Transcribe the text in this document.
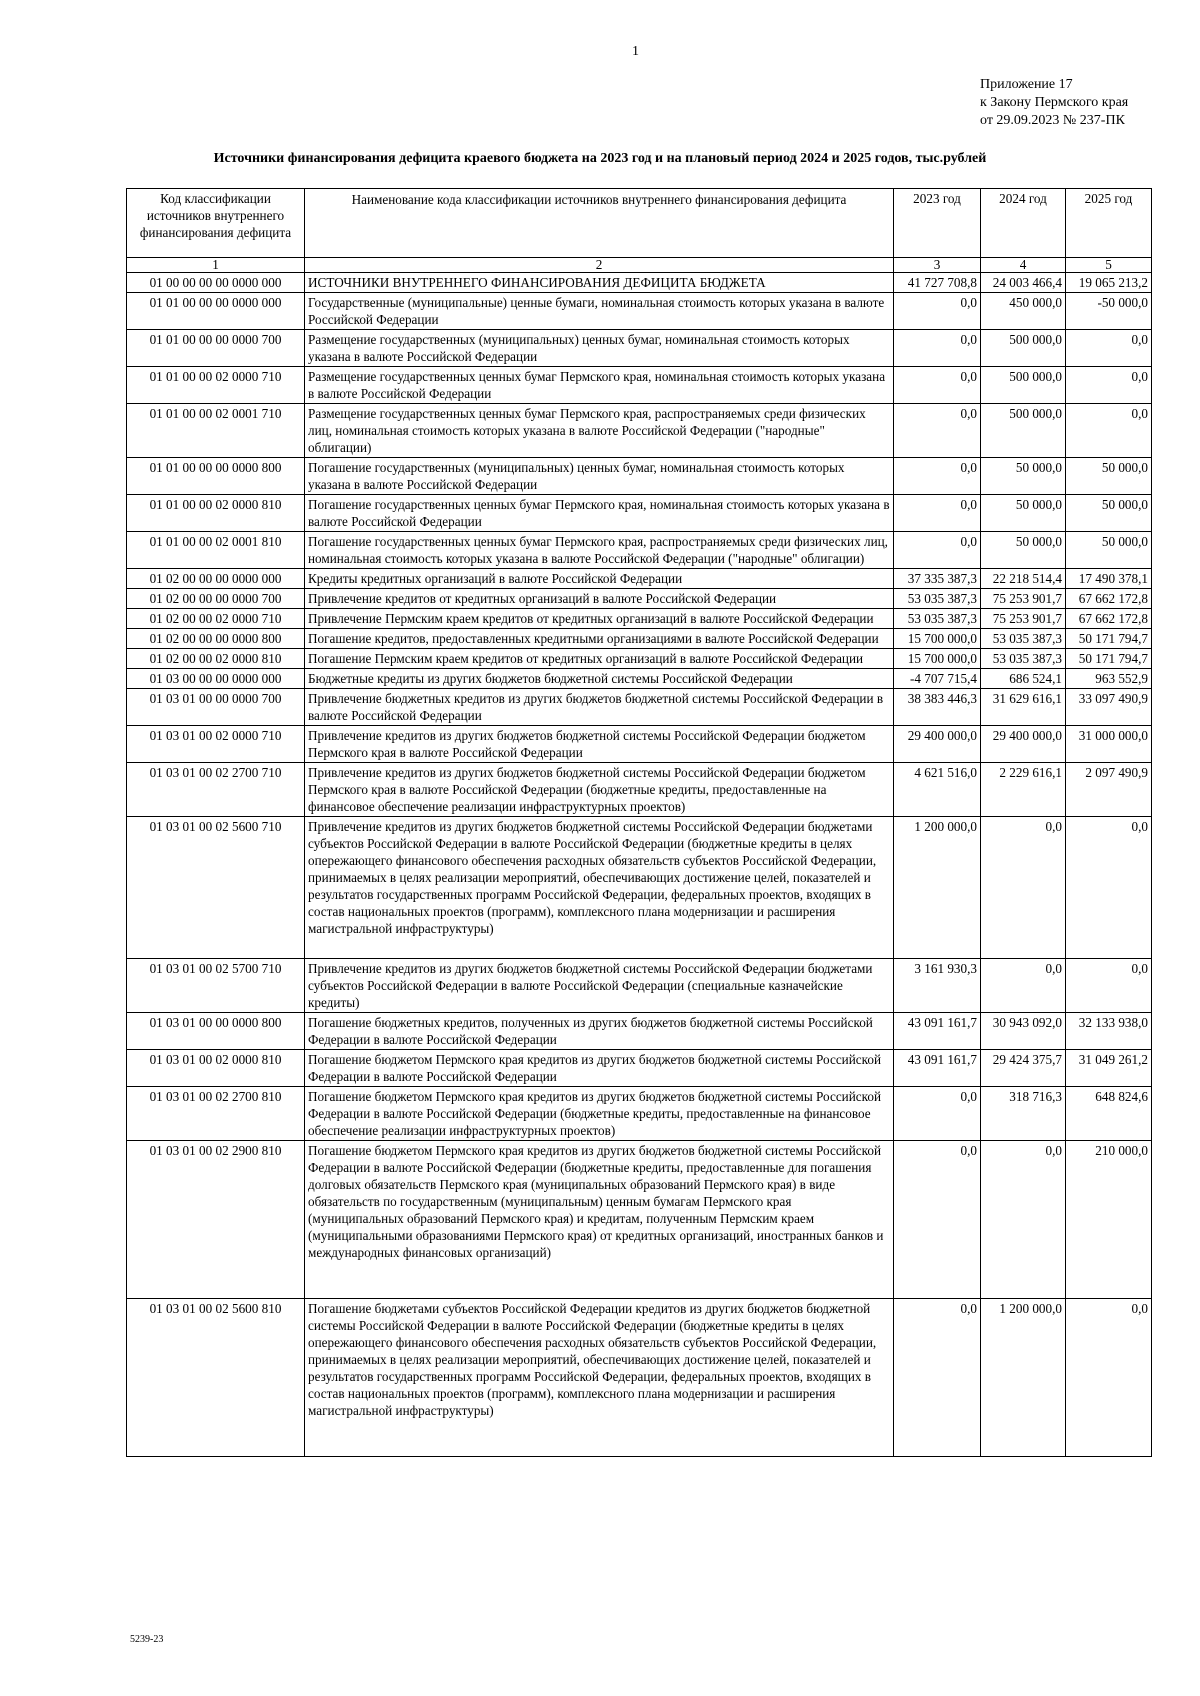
1
Приложение 17
к Закону Пермского края
от 29.09.2023 № 237-ПК
Источники финансирования дефицита краевого бюджета на 2023 год и на плановый период 2024 и 2025 годов, тыс.рублей
Код классификации источников внутреннего финансирования дефицита	Наименование кода классификации источников внутреннего финансирования дефицита	2023 год	2024 год	2025 год
1	2	3	4	5
01 00 00 00 00 0000 000	ИСТОЧНИКИ ВНУТРЕННЕГО ФИНАНСИРОВАНИЯ ДЕФИЦИТА БЮДЖЕТА	41 727 708,8	24 003 466,4	19 065 213,2
01 01 00 00 00 0000 000	Государственные (муниципальные) ценные бумаги, номинальная стоимость которых указана в валюте Российской Федерации	0,0	450 000,0	-50 000,0
01 01 00 00 00 0000 700	Размещение государственных (муниципальных) ценных бумаг, номинальная стоимость которых указана в валюте Российской Федерации	0,0	500 000,0	0,0
01 01 00 00 02 0000 710	Размещение государственных ценных бумаг Пермского края, номинальная стоимость которых указана в валюте Российской Федерации	0,0	500 000,0	0,0
01 01 00 00 02 0001 710	Размещение государственных ценных бумаг Пермского края, распространяемых среди физических лиц, номинальная стоимость которых указана в валюте Российской Федерации ("народные" облигации)	0,0	500 000,0	0,0
01 01 00 00 00 0000 800	Погашение государственных (муниципальных) ценных бумаг, номинальная стоимость которых указана в валюте Российской Федерации	0,0	50 000,0	50 000,0
01 01 00 00 02 0000 810	Погашение государственных ценных бумаг Пермского края, номинальная стоимость которых указана в валюте Российской Федерации	0,0	50 000,0	50 000,0
01 01 00 00 02 0001 810	Погашение государственных ценных бумаг Пермского края, распространяемых среди физических лиц, номинальная стоимость которых указана в валюте Российской Федерации ("народные" облигации)	0,0	50 000,0	50 000,0
01 02 00 00 00 0000 000	Кредиты кредитных организаций в валюте Российской Федерации	37 335 387,3	22 218 514,4	17 490 378,1
01 02 00 00 00 0000 700	Привлечение кредитов от кредитных организаций в валюте Российской Федерации	53 035 387,3	75 253 901,7	67 662 172,8
01 02 00 00 02 0000 710	Привлечение Пермским краем кредитов от кредитных организаций в валюте Российской Федерации	53 035 387,3	75 253 901,7	67 662 172,8
01 02 00 00 00 0000 800	Погашение кредитов, предоставленных кредитными организациями в валюте Российской Федерации	15 700 000,0	53 035 387,3	50 171 794,7
01 02 00 00 02 0000 810	Погашение Пермским краем кредитов от кредитных организаций в валюте Российской Федерации	15 700 000,0	53 035 387,3	50 171 794,7
01 03 00 00 00 0000 000	Бюджетные кредиты из других бюджетов бюджетной системы Российской Федерации	-4 707 715,4	686 524,1	963 552,9
01 03 01 00 00 0000 700	Привлечение бюджетных кредитов из других бюджетов бюджетной системы Российской Федерации в валюте Российской Федерации	38 383 446,3	31 629 616,1	33 097 490,9
01 03 01 00 02 0000 710	Привлечение кредитов из других бюджетов бюджетной системы Российской Федерации бюджетом Пермского края в валюте Российской Федерации	29 400 000,0	29 400 000,0	31 000 000,0
01 03 01 00 02 2700 710	Привлечение кредитов из других бюджетов бюджетной системы Российской Федерации бюджетом Пермского края в валюте Российской Федерации (бюджетные кредиты, предоставленные на финансовое обеспечение реализации инфраструктурных проектов)	4 621 516,0	2 229 616,1	2 097 490,9
01 03 01 00 02 5600 710	Привлечение кредитов из других бюджетов бюджетной системы Российской Федерации бюджетами субъектов Российской Федерации в валюте Российской Федерации (бюджетные кредиты в целях опережающего финансового обеспечения расходных обязательств субъектов Российской Федерации, принимаемых в целях реализации мероприятий, обеспечивающих достижение целей, показателей и результатов государственных программ Российской Федерации, федеральных проектов, входящих в состав национальных проектов (программ), комплексного плана модернизации и расширения магистральной инфраструктуры)	1 200 000,0	0,0	0,0
01 03 01 00 02 5700 710	Привлечение кредитов из других бюджетов бюджетной системы Российской Федерации бюджетами субъектов Российской Федерации в валюте Российской Федерации (специальные казначейские кредиты)	3 161 930,3	0,0	0,0
01 03 01 00 00 0000 800	Погашение бюджетных кредитов, полученных из других бюджетов бюджетной системы Российской Федерации в валюте Российской Федерации	43 091 161,7	30 943 092,0	32 133 938,0
01 03 01 00 02 0000 810	Погашение бюджетом Пермского края кредитов из других бюджетов бюджетной системы Российской Федерации в валюте Российской Федерации	43 091 161,7	29 424 375,7	31 049 261,2
01 03 01 00 02 2700 810	Погашение бюджетом Пермского края кредитов из других бюджетов бюджетной системы Российской Федерации в валюте Российской Федерации (бюджетные кредиты, предоставленные на финансовое обеспечение реализации инфраструктурных проектов)	0,0	318 716,3	648 824,6
01 03 01 00 02 2900 810	Погашение бюджетом Пермского края кредитов из других бюджетов бюджетной системы Российской Федерации в валюте Российской Федерации (бюджетные кредиты, предоставленные для погашения долговых обязательств Пермского края (муниципальных образований Пермского края) в виде обязательств по государственным (муниципальным) ценным бумагам Пермского края (муниципальных образований Пермского края) и кредитам, полученным Пермским краем (муниципальными образованиями Пермского края) от кредитных организаций, иностранных банков и международных финансовых организаций)	0,0	0,0	210 000,0
01 03 01 00 02 5600 810	Погашение бюджетами субъектов Российской Федерации кредитов из других бюджетов бюджетной системы Российской Федерации в валюте Российской Федерации (бюджетные кредиты в целях опережающего финансового обеспечения расходных обязательств субъектов Российской Федерации, принимаемых в целях реализации мероприятий, обеспечивающих достижение целей, показателей и результатов государственных программ Российской Федерации, федеральных проектов, входящих в состав национальных проектов (программ), комплексного плана модернизации и расширения магистральной инфраструктуры)	0,0	1 200 000,0	0,0
5239-23
